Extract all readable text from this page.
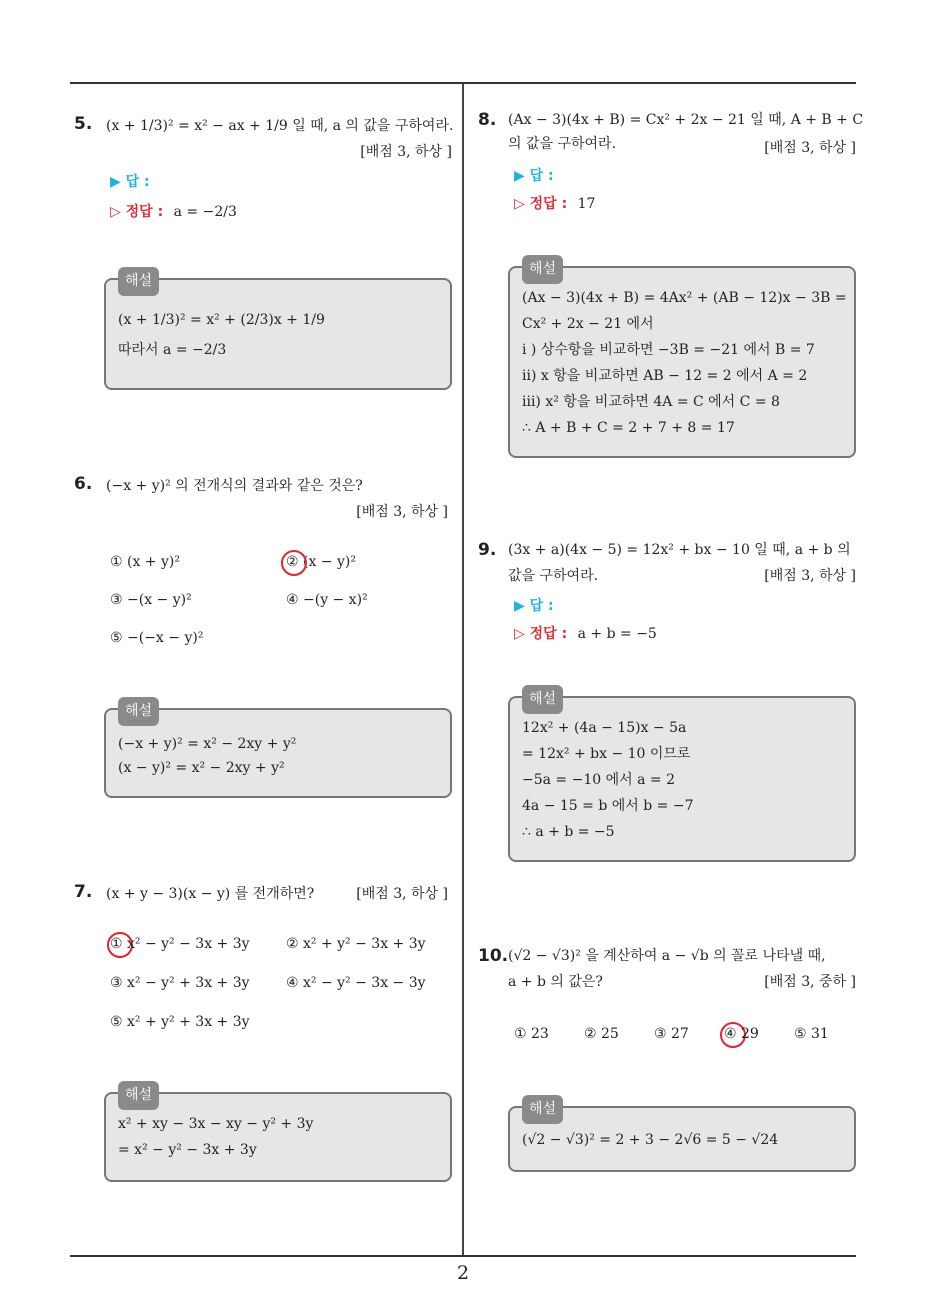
2
5. (x + 1/3)² = x² − ax + 1/9 일 때, a 의 값을 구하여라.
[배점 3, 하상 ]
▶ 답 :
▷ 정답 : a = −2/3
해설
(x + 1/3)² = x² + (2/3)x + 1/9
따라서 a = −2/3
6. (−x + y)² 의 전개식의 결과와 같은 것은?
[배점 3, 하상 ]
① (x + y)²	② (x − y)²
③ −(x − y)²	④ −(y − x)²
⑤ −(−x − y)²
해설
(−x + y)² = x² − 2xy + y²
(x − y)² = x² − 2xy + y²
7. (x + y − 3)(x − y) 를 전개하면?	[배점 3, 하상 ]
① x² − y² − 3x + 3y	② x² + y² − 3x + 3y
③ x² − y² + 3x + 3y	④ x² − y² − 3x − 3y
⑤ x² + y² + 3x + 3y
해설
x² + xy − 3x − xy − y² + 3y
= x² − y² − 3x + 3y
8. (Ax − 3)(4x + B) = Cx² + 2x − 21 일 때, A + B + C
의 값을 구하여라.	[배점 3, 하상 ]
▶ 답 :
▷ 정답 : 17
해설
(Ax − 3)(4x + B) = 4Ax² + (AB − 12)x − 3B =
Cx² + 2x − 21 에서
i ) 상수항을 비교하면 −3B = −21 에서 B = 7
ii) x 항을 비교하면 AB − 12 = 2 에서 A = 2
iii) x² 항을 비교하면 4A = C 에서 C = 8
∴ A + B + C = 2 + 7 + 8 = 17
9. (3x + a)(4x − 5) = 12x² + bx − 10 일 때, a + b 의
값을 구하여라.	[배점 3, 하상 ]
▶ 답 :
▷ 정답 : a + b = −5
해설
12x² + (4a − 15)x − 5a
= 12x² + bx − 10 이므로
−5a = −10 에서 a = 2
4a − 15 = b 에서 b = −7
∴ a + b = −5
10. (√2 − √3)² 을 계산하여 a − √b 의 꼴로 나타낼 때,
a + b 의 값은?	[배점 3, 중하 ]
① 23	② 25	③ 27	④ 29	⑤ 31
해설
(√2 − √3)² = 2 + 3 − 2√6 = 5 − √24
